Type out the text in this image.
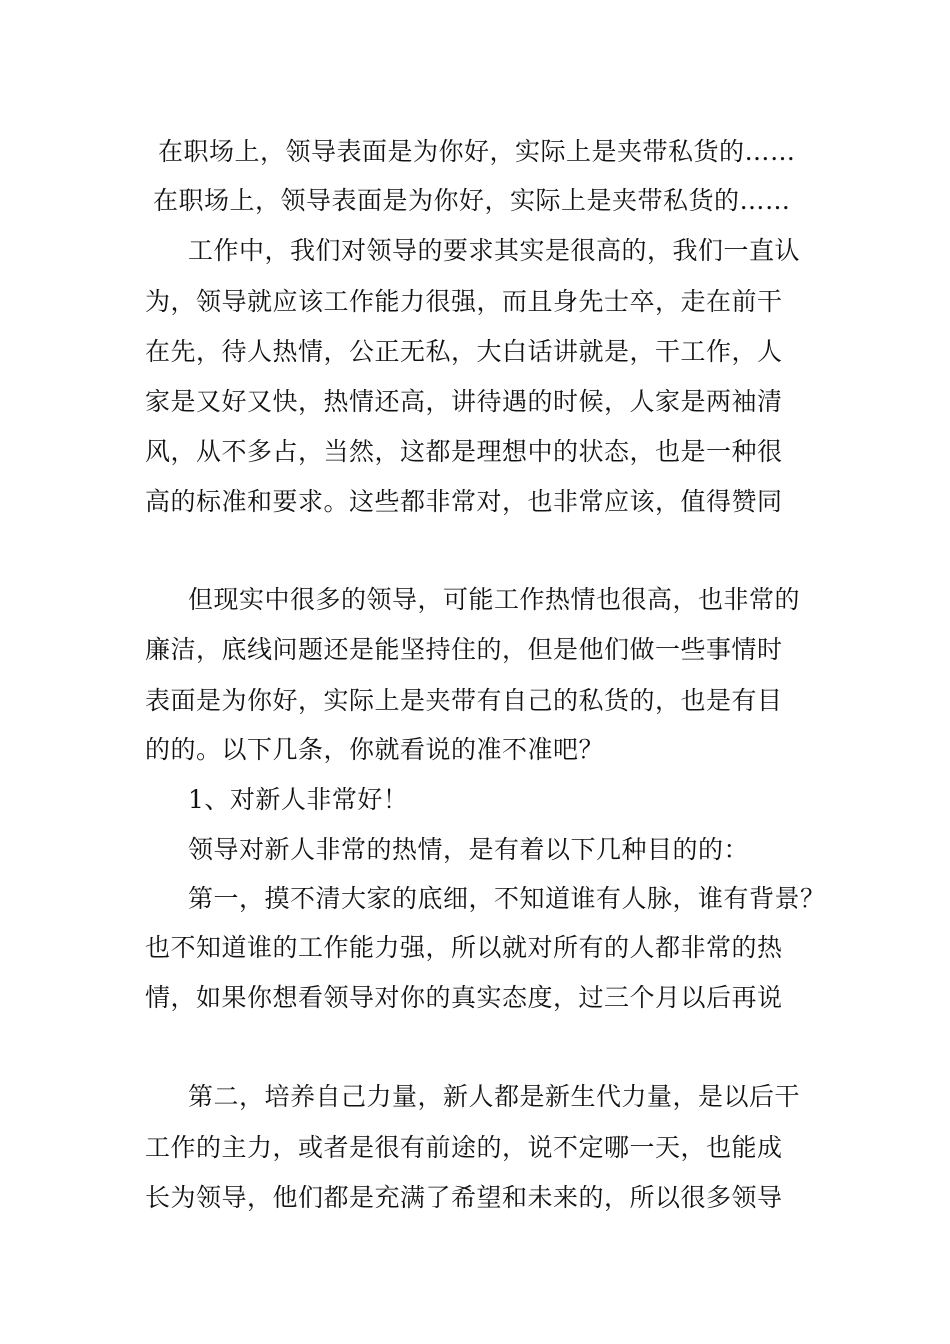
在职场上，领导表面是为你好，实际上是夹带私货的……
在职场上，领导表面是为你好，实际上是夹带私货的……
工作中，我们对领导的要求其实是很高的，我们一直认
为，领导就应该工作能力很强，而且身先士卒，走在前干
在先，待人热情，公正无私，大白话讲就是，干工作，人
家是又好又快，热情还高，讲待遇的时候，人家是两袖清
风，从不多占，当然，这都是理想中的状态，也是一种很
高的标准和要求。这些都非常对，也非常应该，值得赞同
但现实中很多的领导，可能工作热情也很高，也非常的
廉洁，底线问题还是能坚持住的，但是他们做一些事情时
表面是为你好，实际上是夹带有自己的私货的，也是有目
的的。以下几条，你就看说的准不准吧？
1、对新人非常好！
领导对新人非常的热情，是有着以下几种目的的：
第一，摸不清大家的底细，不知道谁有人脉，谁有背景？
也不知道谁的工作能力强，所以就对所有的人都非常的热
情，如果你想看领导对你的真实态度，过三个月以后再说
第二，培养自己力量，新人都是新生代力量，是以后干
工作的主力，或者是很有前途的，说不定哪一天，也能成
长为领导，他们都是充满了希望和未来的，所以很多领导
